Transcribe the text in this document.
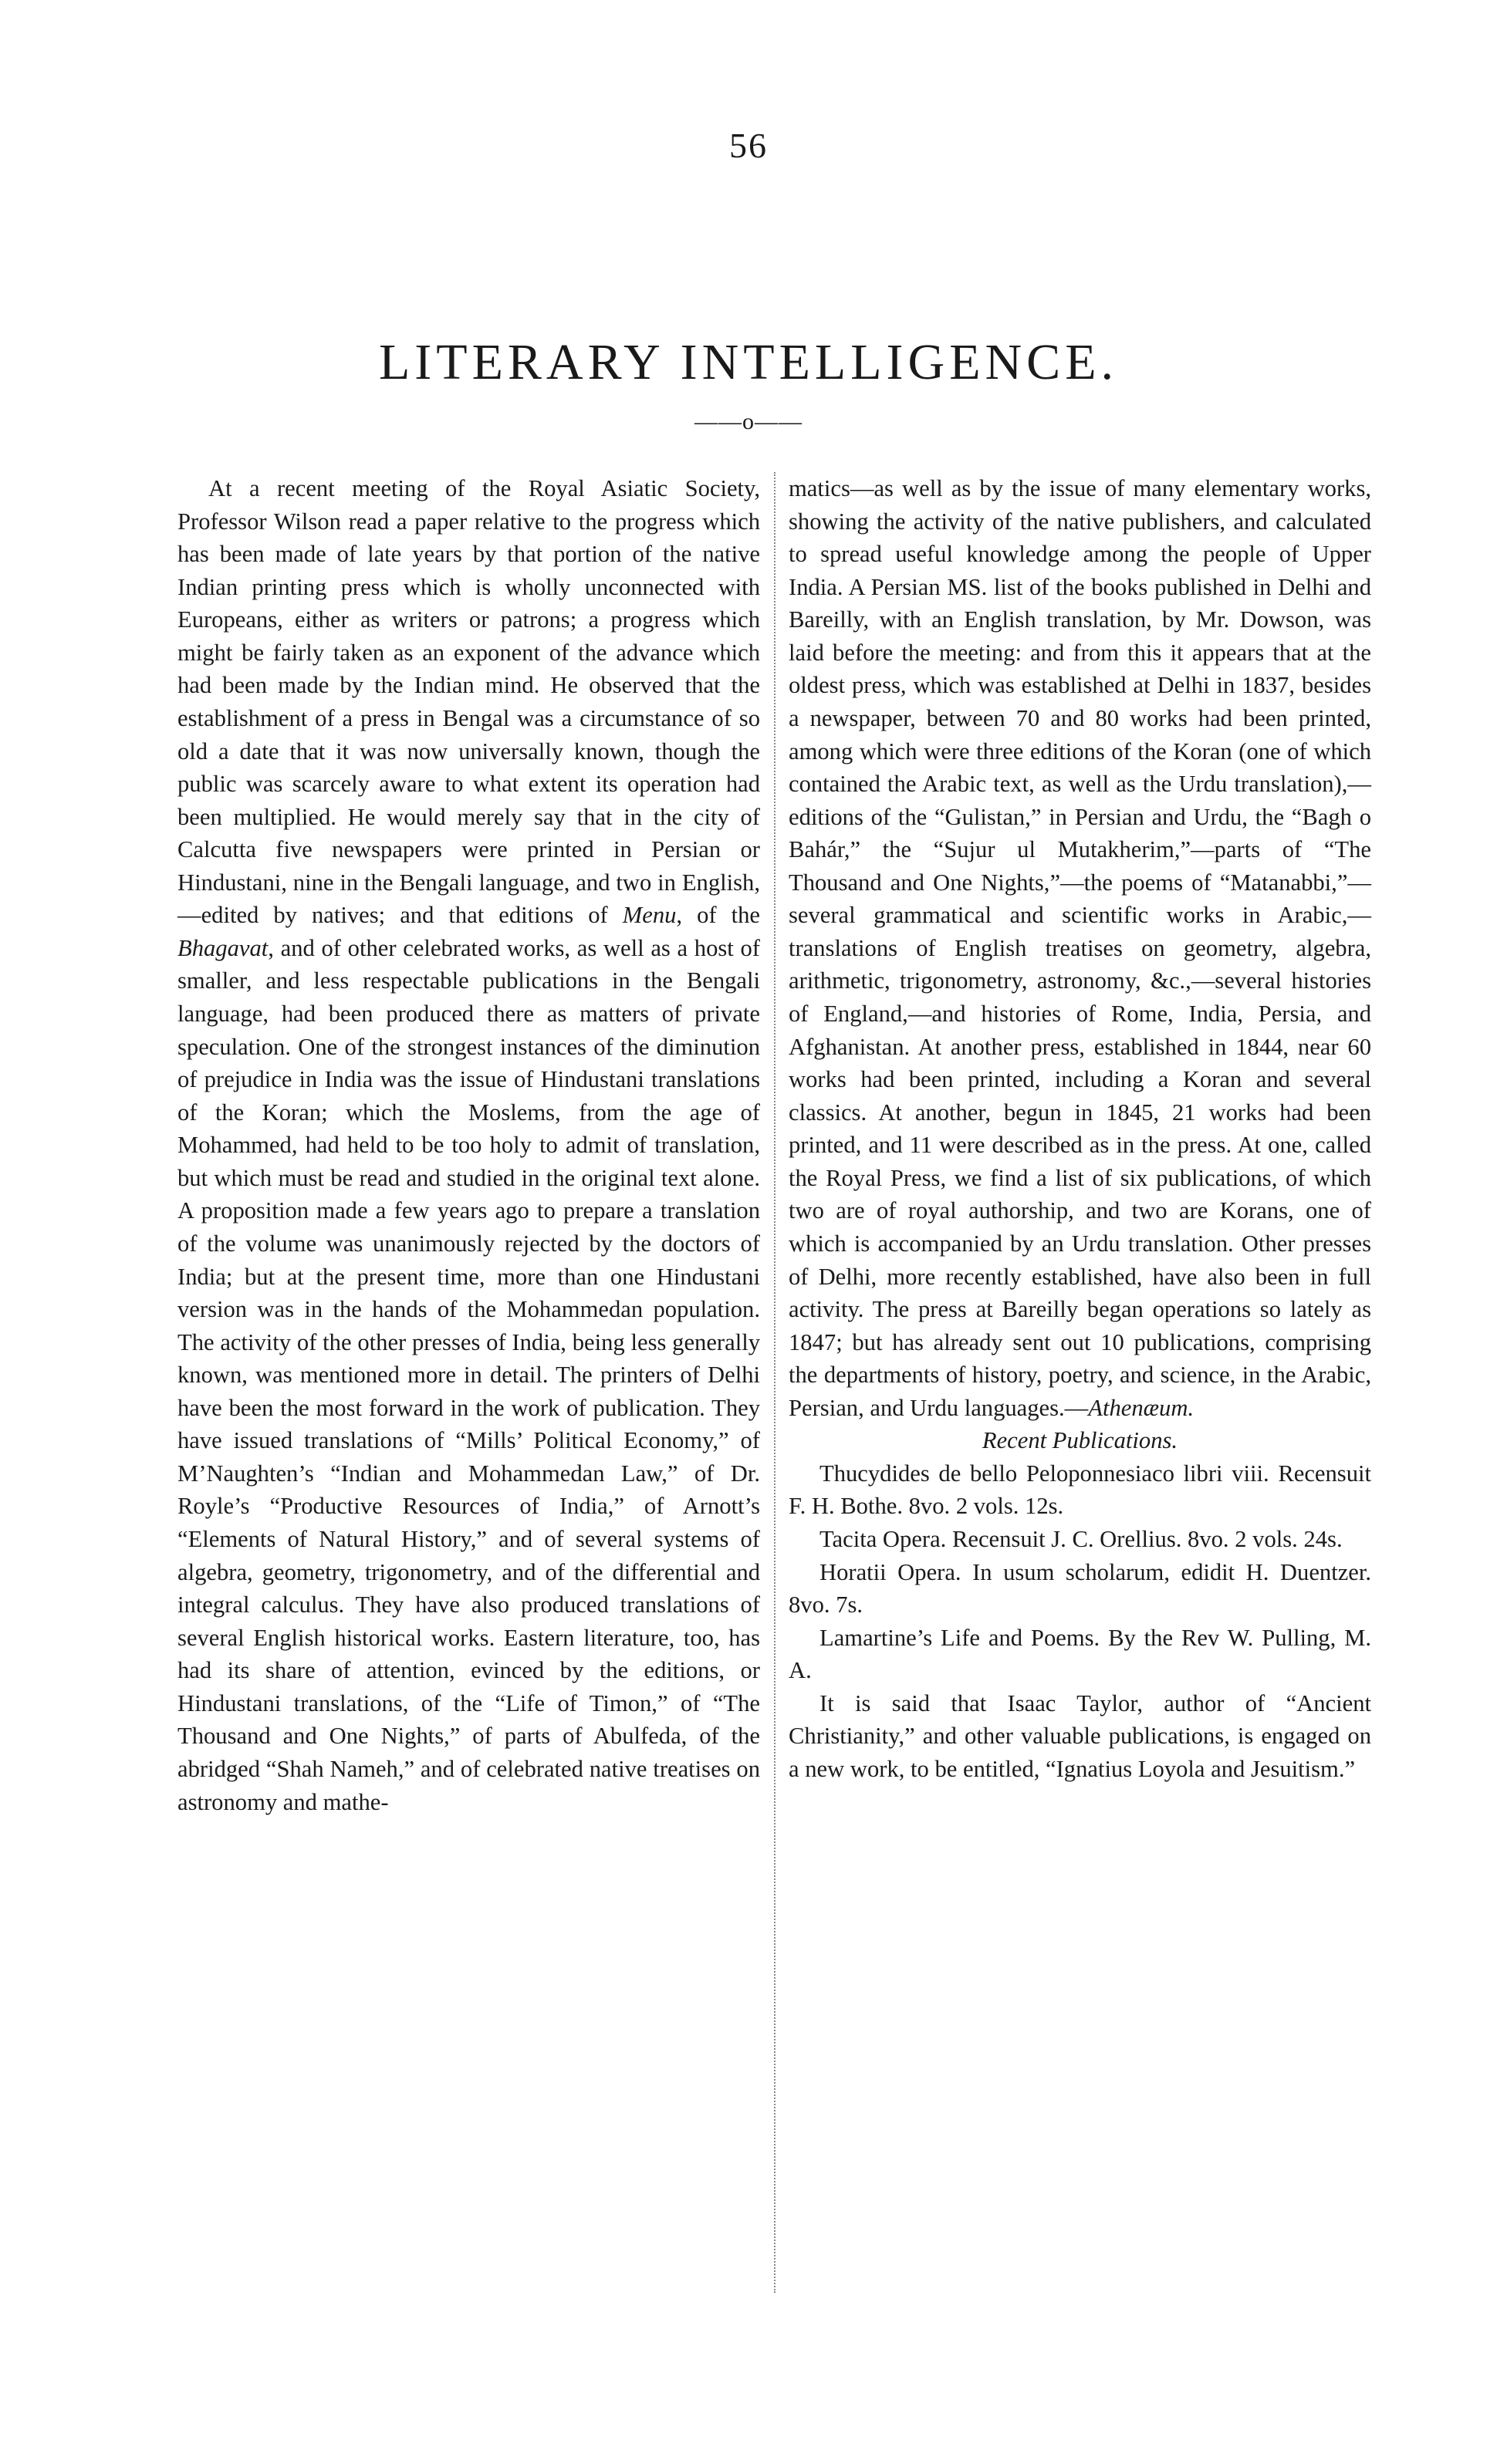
56
LITERARY INTELLIGENCE.
——o——

At a recent meeting of the Royal Asiatic Society, Professor Wilson read a paper relative to the progress which has been made of late years by that portion of the native Indian printing press which is wholly unconnected with Europeans, either as writers or patrons; a progress which might be fairly taken as an exponent of the advance which had been made by the Indian mind. He observed that the establishment of a press in Bengal was a circumstance of so old a date that it was now universally known, though the public was scarcely aware to what extent its operation had been multiplied. He would merely say that in the city of Calcutta five newspapers were printed in Persian or Hindustani, nine in the Bengali language, and two in English,—edited by natives; and that editions of Menu, of the Bhagavat, and of other celebrated works, as well as a host of smaller, and less respectable publications in the Bengali language, had been produced there as matters of private speculation. One of the strongest instances of the diminution of prejudice in India was the issue of Hindustani translations of the Koran; which the Moslems, from the age of Mohammed, had held to be too holy to admit of translation, but which must be read and studied in the original text alone. A proposition made a few years ago to prepare a translation of the volume was unanimously rejected by the doctors of India; but at the present time, more than one Hindustani version was in the hands of the Mohammedan population. The activity of the other presses of India, being less generally known, was mentioned more in detail. The printers of Delhi have been the most forward in the work of publication. They have issued translations of “Mills’ Political Economy,” of M’Naughten’s “Indian and Mohammedan Law,” of Dr. Royle’s “Productive Resources of India,” of Arnott’s “Elements of Natural History,” and of several systems of algebra, geometry, trigonometry, and of the differential and integral calculus. They have also produced translations of several English historical works. Eastern literature, too, has had its share of attention, evinced by the editions, or Hindustani translations, of the “Life of Timon,” of “The Thousand and One Nights,” of parts of Abulfeda, of the abridged “Shah Nameh,” and of celebrated native treatises on astronomy and mathe-

matics—as well as by the issue of many elementary works, showing the activity of the native publishers, and calculated to spread useful knowledge among the people of Upper India. A Persian MS. list of the books published in Delhi and Bareilly, with an English translation, by Mr. Dowson, was laid before the meeting: and from this it appears that at the oldest press, which was established at Delhi in 1837, besides a newspaper, between 70 and 80 works had been printed, among which were three editions of the Koran (one of which contained the Arabic text, as well as the Urdu translation),—editions of the “Gulistan,” in Persian and Urdu, the “Bagh o Bahár,” the “Sujur ul Mutakherim,”—parts of “The Thousand and One Nights,”—the poems of “Matanabbi,”—several grammatical and scientific works in Arabic,—translations of English treatises on geometry, algebra, arithmetic, trigonometry, astronomy, &c.,—several histories of England,—and histories of Rome, India, Persia, and Afghanistan. At another press, established in 1844, near 60 works had been printed, including a Koran and several classics. At another, begun in 1845, 21 works had been printed, and 11 were described as in the press. At one, called the Royal Press, we find a list of six publications, of which two are of royal authorship, and two are Korans, one of which is accompanied by an Urdu translation. Other presses of Delhi, more recently established, have also been in full activity. The press at Bareilly began operations so lately as 1847; but has already sent out 10 publications, comprising the departments of history, poetry, and science, in the Arabic, Persian, and Urdu languages.—Athenæum.

Recent Publications.

Thucydides de bello Peloponnesiaco libri viii. Recensuit F. H. Bothe. 8vo. 2 vols. 12s.

Tacita Opera. Recensuit J. C. Orellius. 8vo. 2 vols. 24s.

Horatii Opera. In usum scholarum, edidit H. Duentzer. 8vo. 7s.

Lamartine’s Life and Poems. By the Rev W. Pulling, M. A.

It is said that Isaac Taylor, author of “Ancient Christianity,” and other valuable publications, is engaged on a new work, to be entitled, “Ignatius Loyola and Jesuitism.”
